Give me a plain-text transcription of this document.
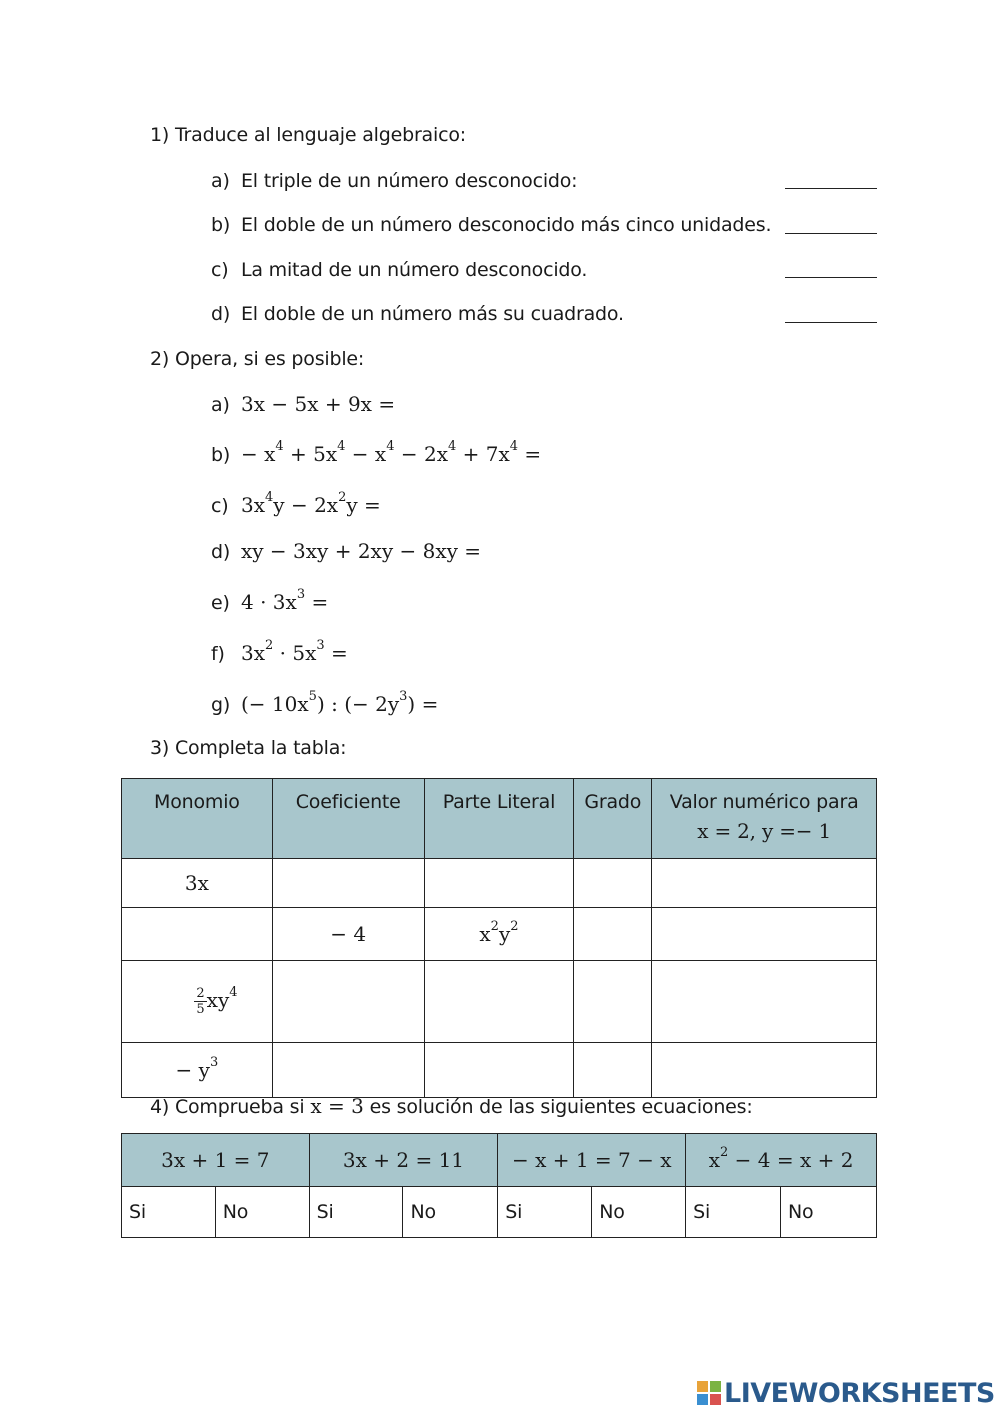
1) Traduce al lenguaje algebraico:
a) El triple de un número desconocido:
b) El doble de un número desconocido más cinco unidades.
c) La mitad de un número desconocido.
d) El doble de un número más su cuadrado.
2) Opera, si es posible:
a) 3x − 5x + 9x =
$b) - x^4 + 5x^4 - x^4 - 2x^4 + 7x^4$ =
c) $3x^4y - 2x^2y$ =
d) xy − 3xy + 2xy − 8xy =
e) $4 \cdot 3x^3$ =
f) $3x^2 \cdot 5x^3$ =
g) (− $10x^5$) : (− $2y^3$) =
3) Completa la tabla:
Monomio	Coeficiente	Parte Literal	Grado	Valor numérico para
x = 2, y =− 1
3x				
	− 4	$x^2y^2$		

$\frac{2}{5} xy^4$

− $y^3$				
4) Comprueba si x = 3 es solución de las siguientes ecuaciones:
3x + 1 = 7		3x + 2 = 11		− x + 1 = 7 − x		$x^2 - 4 = x + 2$	
Si	No	Si	No	Si	No	Si	No
LIVEWORKSHEETS
